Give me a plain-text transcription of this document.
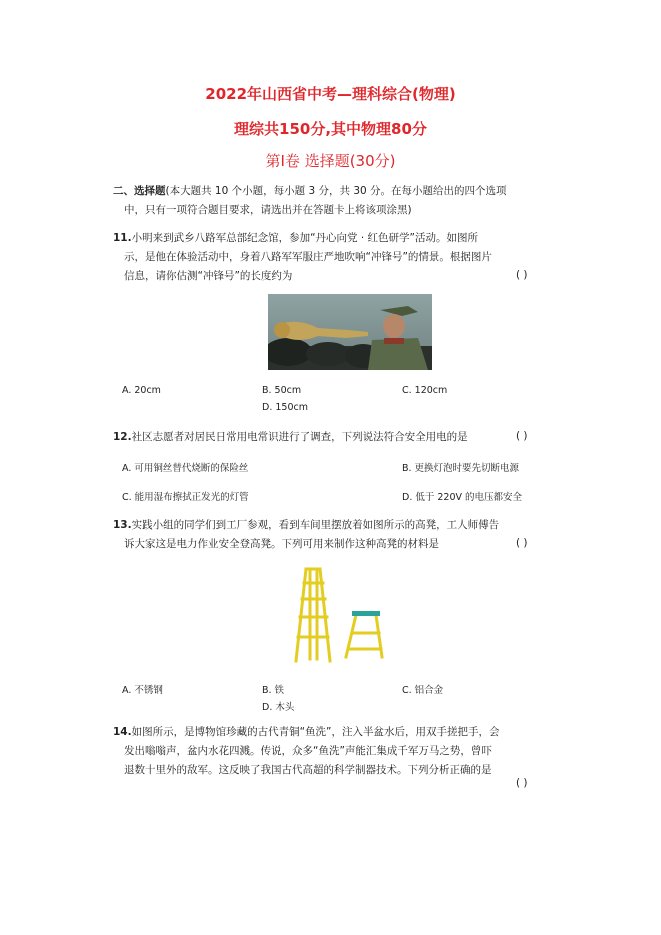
2022年山西省中考—理科综合(物理)
理综共150分,其中物理80分
第Ⅰ卷 选择题(30分)
二、选择题(本大题共 10 个小题，每小题 3 分，共 30 分。在每小题给出的四个选项
中，只有一项符合题目要求，请选出并在答题卡上将该项涂黑)
11.小明来到武乡八路军总部纪念馆，参加“丹心向党 · 红色研学”活动。如图所
示，是他在体验活动中，身着八路军军服庄严地吹响“冲锋号”的情景。根据图片
信息，请你估测“冲锋号”的长度约为	( )
A. 20cm	B. 50cm	C. 120cm
D. 150cm
12.社区志愿者对居民日常用电常识进行了调查，下列说法符合安全用电的是	( )
A. 可用铜丝替代烧断的保险丝	B. 更换灯泡时要先切断电源
C. 能用湿布擦拭正发光的灯管	D. 低于 220V 的电压都安全
13.实践小组的同学们到工厂参观，看到车间里摆放着如图所示的高凳，工人师傅告
诉大家这是电力作业安全登高凳。下列可用来制作这种高凳的材料是	( )
A. 不锈钢	B. 铁	C. 铝合金
D. 木头
14.如图所示，是博物馆珍藏的古代青铜“鱼洗”，注入半盆水后，用双手搓把手，会
发出嗡嗡声，盆内水花四溅。传说，众多“鱼洗”声能汇集成千军万马之势，曾吓
退数十里外的敌军。这反映了我国古代高超的科学制器技术。下列分析正确的是
( )
